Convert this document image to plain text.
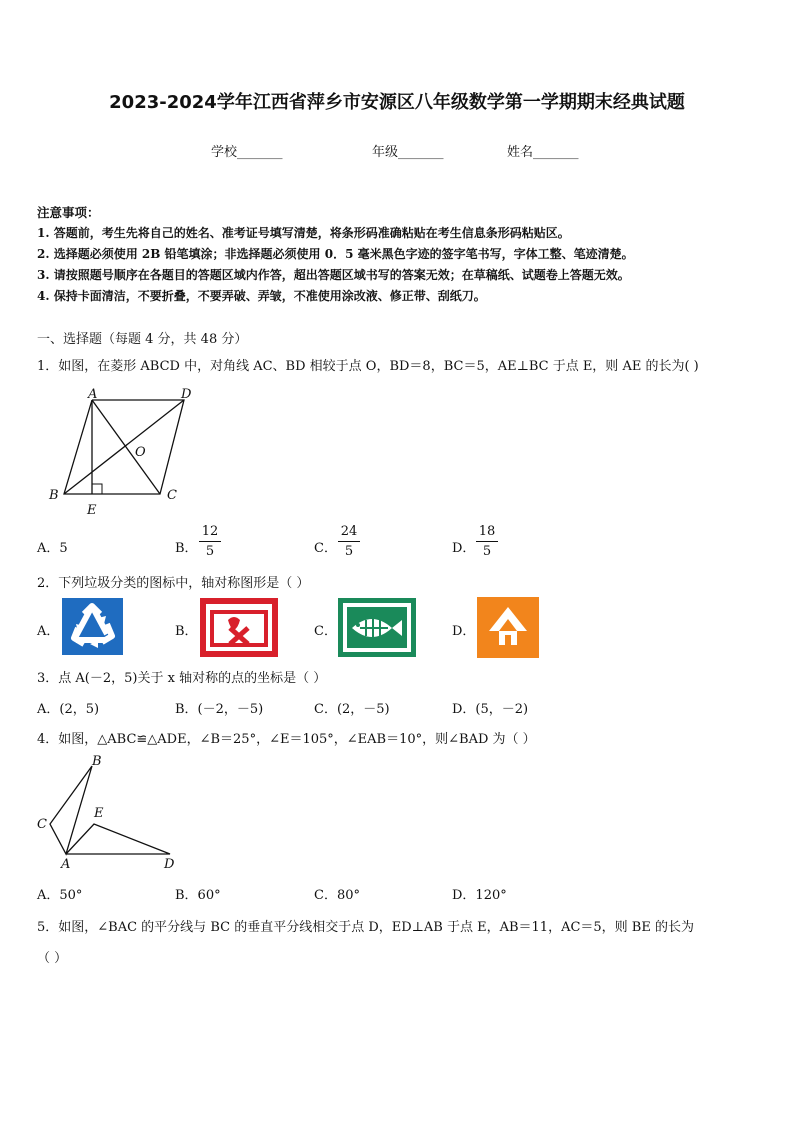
2023-2024学年江西省萍乡市安源区八年级数学第一学期期末经典试题
学校_______	年级_______	姓名_______
注意事项：
1. 答题前，考生先将自己的姓名、准考证号填写清楚，将条形码准确粘贴在考生信息条形码粘贴区。
2. 选择题必须使用 2B 铅笔填涂；非选择题必须使用 0．5 毫米黑色字迹的签字笔书写，字体工整、笔迹清楚。
3. 请按照题号顺序在各题目的答题区域内作答，超出答题区域书写的答案无效；在草稿纸、试题卷上答题无效。
4. 保持卡面清洁，不要折叠，不要弄破、弄皱，不准使用涂改液、修正带、刮纸刀。
一、选择题（每题 4 分，共 48 分）
1．如图，在菱形 ABCD 中，对角线 AC、BD 相较于点 O，BD＝8，BC＝5，AE⊥BC 于点 E，则 AE 的长为( )
A	D
O
B	C
E
A．5	B．
12
5	C．
24
5	D．
18
5
2．下列垃圾分类的图标中，轴对称图形是（ ）
A．	B．	C．	D．
3．点 A(－2，5)关于 x 轴对称的点的坐标是（ ）
A．(2，5)	B．(－2，－5)	C．(2，－5)	D．(5，－2)
4．如图，△ABC≌△ADE，∠B＝25°，∠E＝105°，∠EAB＝10°，则∠BAD 为（ ）
B
C
E
A	D
A．50°	B．60°	C．80°	D．120°
5．如图，∠BAC 的平分线与 BC 的垂直平分线相交于点 D，ED⊥AB 于点 E，AB＝11，AC＝5，则 BE 的长为
（ ）
